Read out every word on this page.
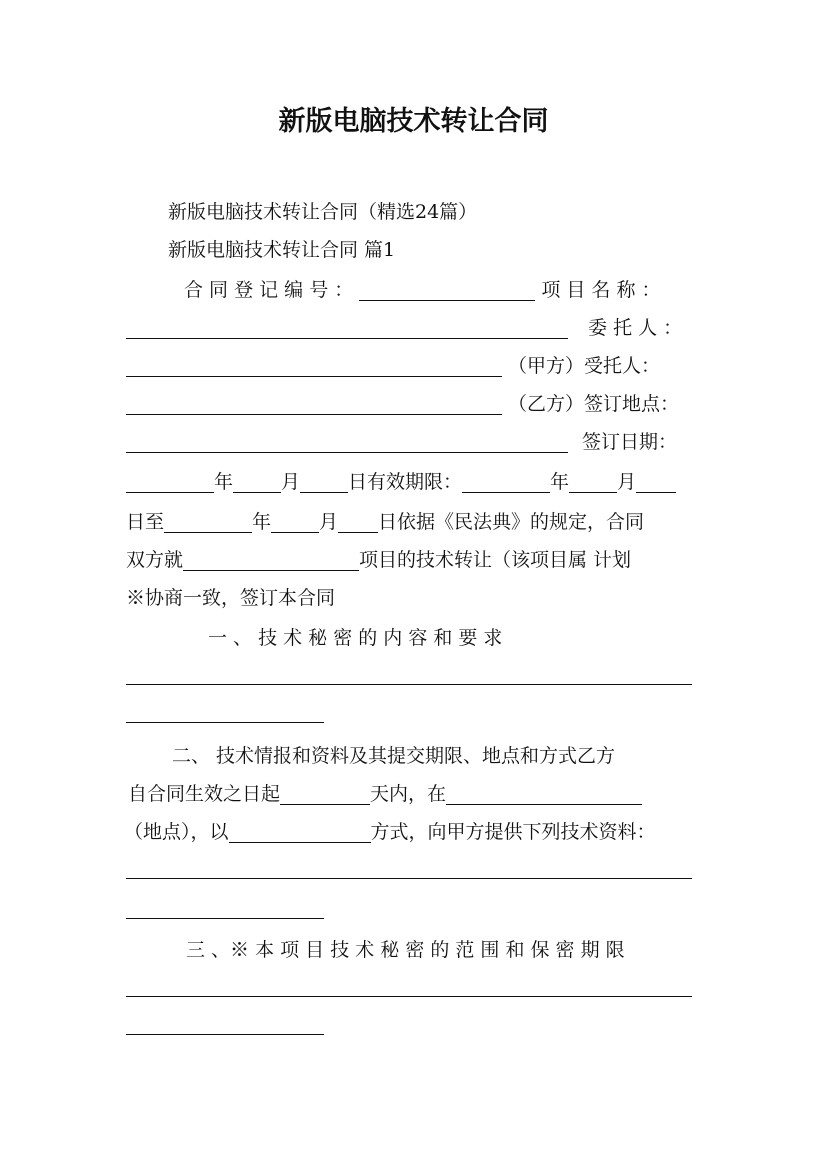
新版电脑技术转让合同
新版电脑技术转让合同（精选24篇）
新版电脑技术转让合同 篇1
合 同 登 记 编 号 ：	项 目 名 称 ：
委 托 人 ：
（甲方）受托人：
（乙方）签订地点：
签订日期：
年	月	日有效期限：	年	月
日至	年	月 日依据《民法典》的规定，合同
双方就	项目的技术转让（该项目属 计划
※协商一致，签订本合同
一 、 技 术 秘 密 的 内 容 和 要 求
二、 技术情报和资料及其提交期限、地点和方式乙方
自合同生效之日起	天内，在
（地点），以	方式，向甲方提供下列技术资料：
三 、※ 本 项 目 技 术 秘 密 的 范 围 和 保 密 期 限
